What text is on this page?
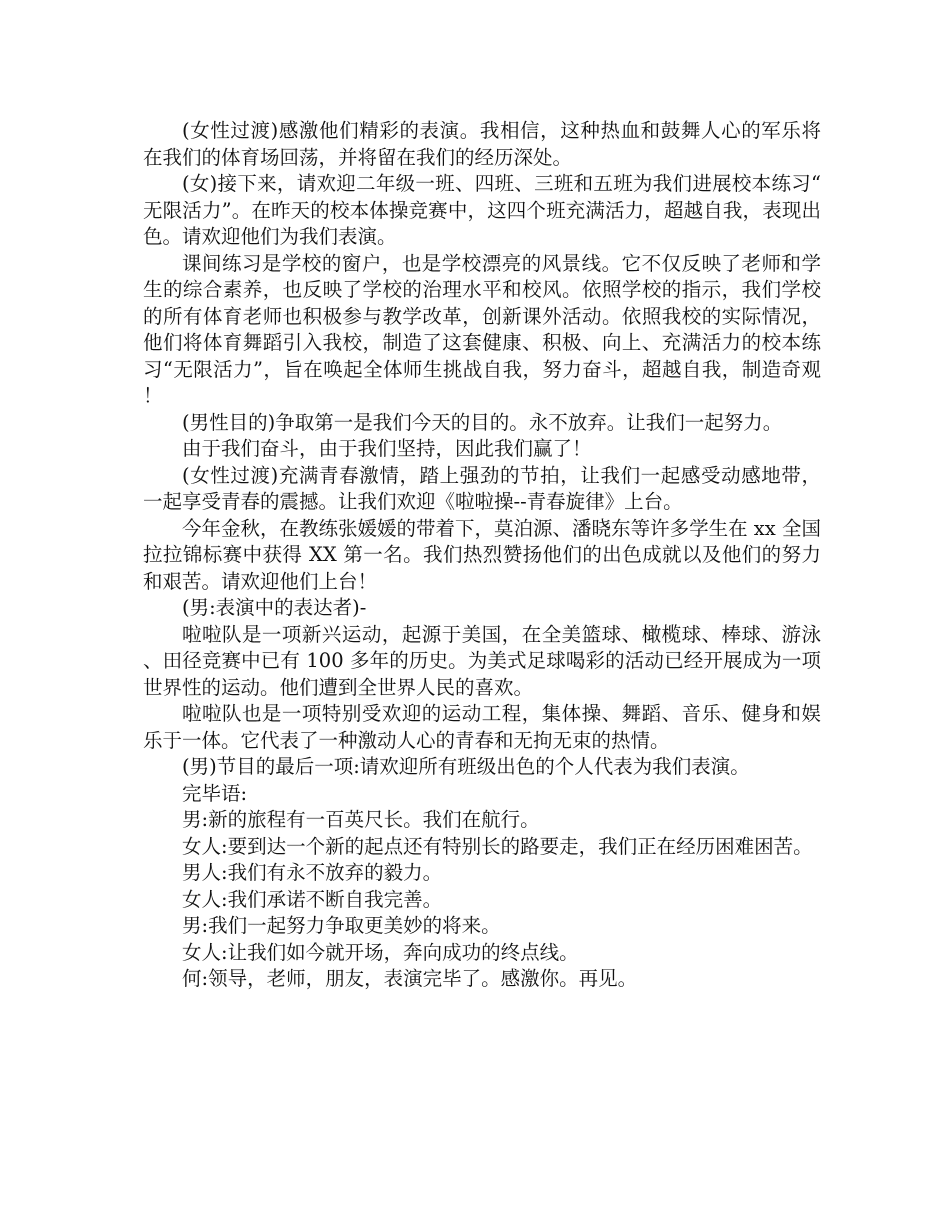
(女性过渡)感激他们精彩的表演。我相信，这种热血和鼓舞人心的军乐将在我们的体育场回荡，并将留在我们的经历深处。

(女)接下来，请欢迎二年级一班、四班、三班和五班为我们进展校本练习“无限活力”。在昨天的校本体操竞赛中，这四个班充满活力，超越自我，表现出色。请欢迎他们为我们表演。

课间练习是学校的窗户，也是学校漂亮的风景线。它不仅反映了老师和学生的综合素养，也反映了学校的治理水平和校风。依照学校的指示，我们学校的所有体育老师也积极参与教学改革，创新课外活动。依照我校的实际情况，他们将体育舞蹈引入我校，制造了这套健康、积极、向上、充满活力的校本练习“无限活力”，旨在唤起全体师生挑战自我，努力奋斗，超越自我，制造奇观！

(男性目的)争取第一是我们今天的目的。永不放弃。让我们一起努力。

由于我们奋斗，由于我们坚持，因此我们赢了！

(女性过渡)充满青春激情，踏上强劲的节拍，让我们一起感受动感地带，一起享受青春的震撼。让我们欢迎《啦啦操--青春旋律》上台。

今年金秋，在教练张媛媛的带着下，莫泊源、潘晓东等许多学生在 xx 全国拉拉锦标赛中获得 XX 第一名。我们热烈赞扬他们的出色成就以及他们的努力和艰苦。请欢迎他们上台！

(男:表演中的表达者)-

啦啦队是一项新兴运动，起源于美国，在全美篮球、橄榄球、棒球、游泳、田径竞赛中已有 100 多年的历史。为美式足球喝彩的活动已经开展成为一项世界性的运动。他们遭到全世界人民的喜欢。

啦啦队也是一项特别受欢迎的运动工程，集体操、舞蹈、音乐、健身和娱乐于一体。它代表了一种激动人心的青春和无拘无束的热情。

(男)节目的最后一项:请欢迎所有班级出色的个人代表为我们表演。

完毕语:

男:新的旅程有一百英尺长。我们在航行。

女人:要到达一个新的起点还有特别长的路要走，我们正在经历困难困苦。

男人:我们有永不放弃的毅力。

女人:我们承诺不断自我完善。

男:我们一起努力争取更美妙的将来。

女人:让我们如今就开场，奔向成功的终点线。

何:领导，老师，朋友，表演完毕了。感激你。再见。
